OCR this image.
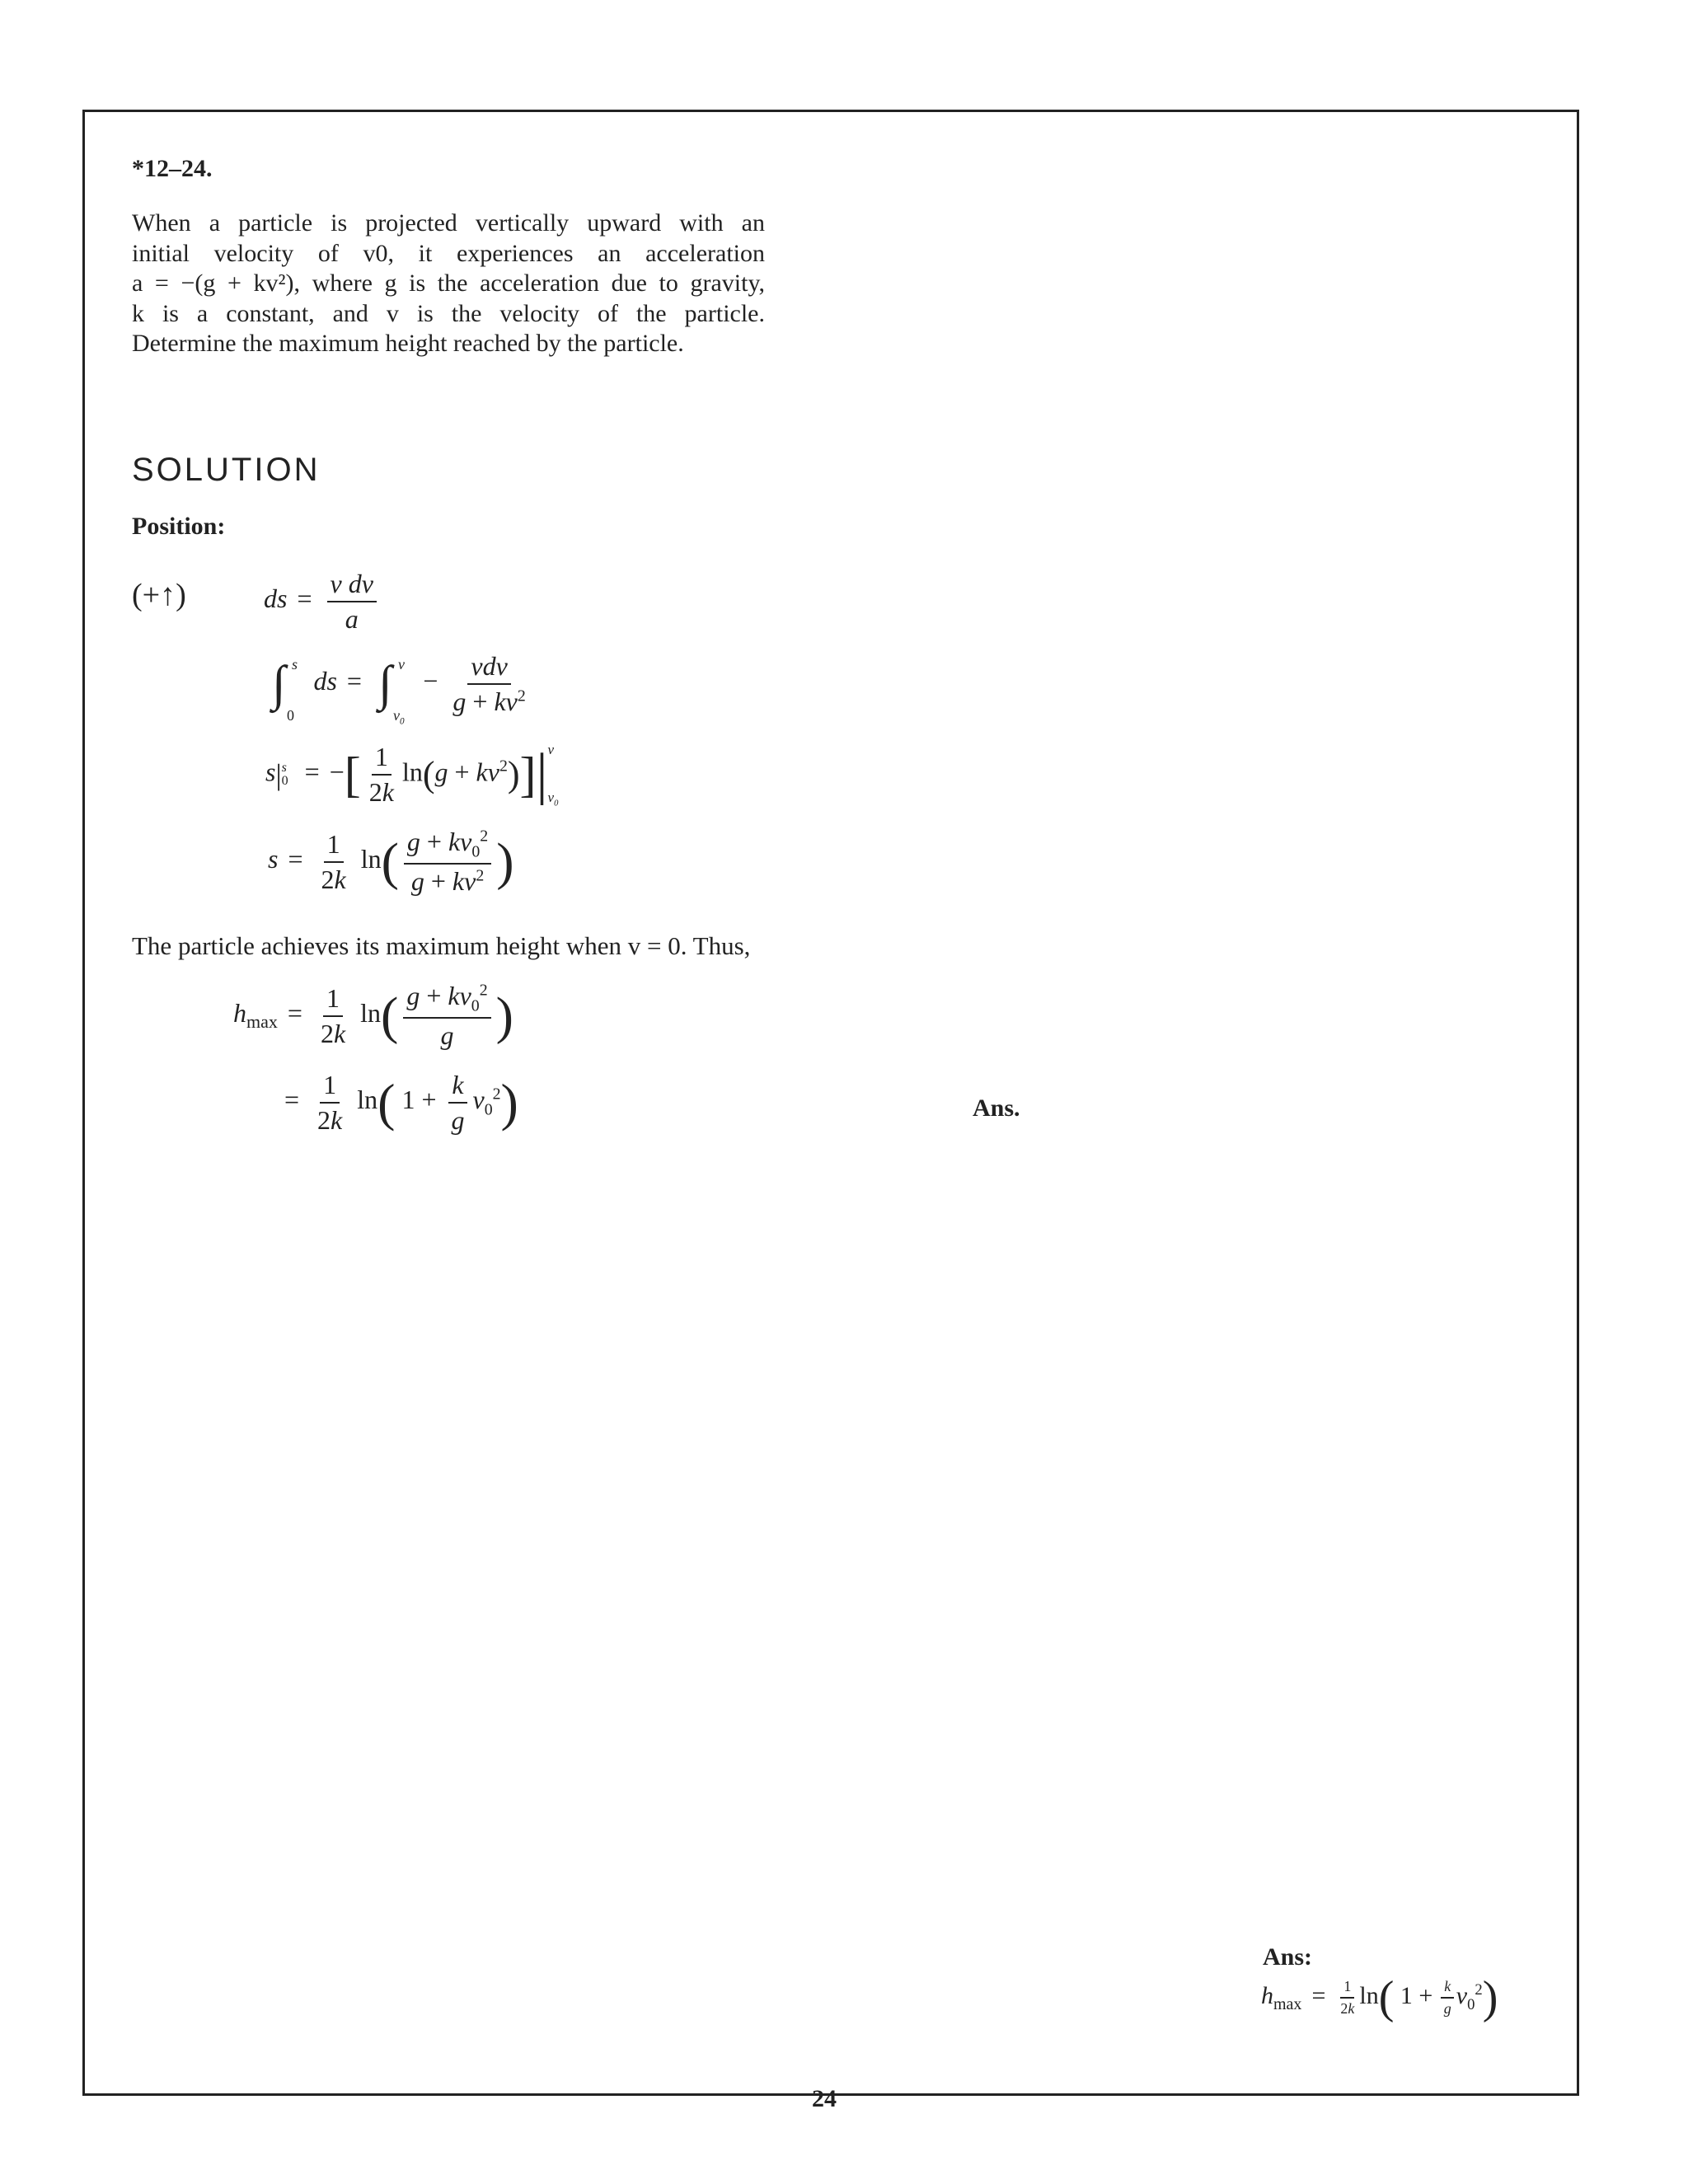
*12–24.
When a particle is projected vertically upward with an
initial velocity of v0, it experiences an acceleration
a = −(g + kv²), where g is the acceleration due to gravity,
k is a constant, and v is the velocity of the particle.
Determine the maximum height reached by the particle.
SOLUTION
Position:
(+↑)	ds = $\frac{\text{v dv}}{a}$
∫ s
0
ds = ∫ v
$v_0$
− $\frac{\text{vdv}}{g + kv^2}$
s| s
0 = −[ $\frac{1}{2k} \ln(g + kv^2)]|$ v
$v_0$
$s = \frac{1}{2k} \ln( \frac{g + kv_0^2}{g + kv^2}$ )
The particle achieves its maximum height when v = 0. Thus,
$h_{max} = \frac{1}{2k} \ln( \frac{g + kv_0^2}{g}$ )
= $\frac{1}{2k} \ln$( $1 + \frac{k}{g} v_0^2$)	Ans.
Ans:
$h_{max} = \frac{1}{2k} \ln$( $1 + \frac{k}{g} v_0^2$)
24
